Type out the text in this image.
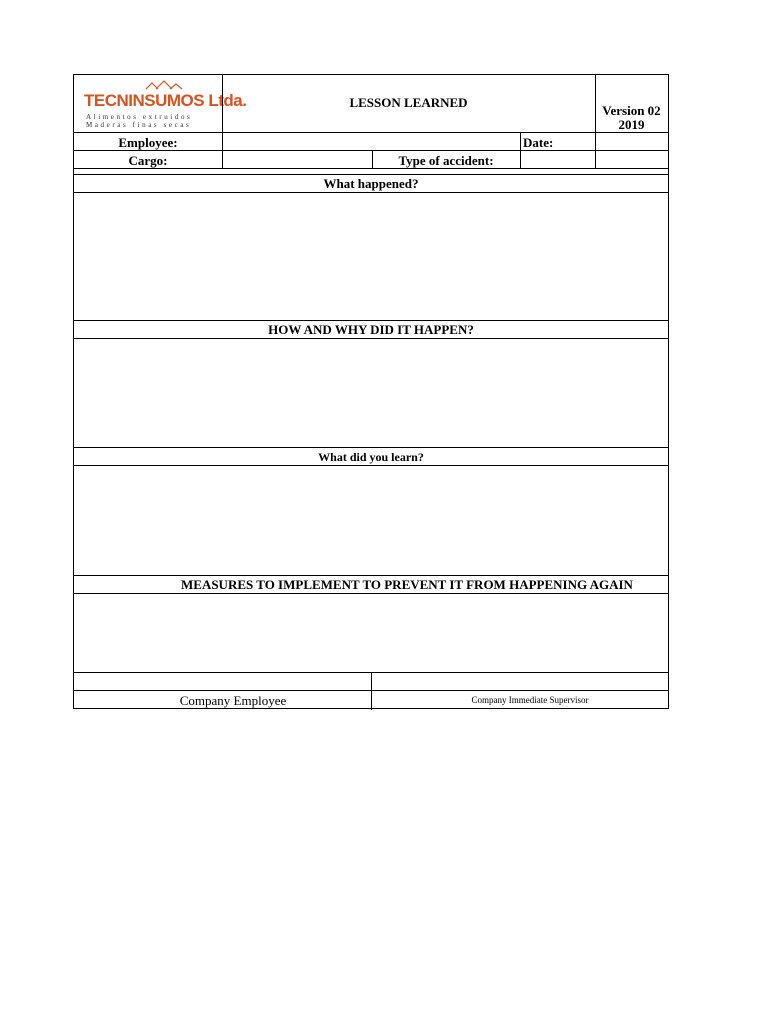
TECNINSUMOS Ltda.
Alimentos extruidos
Maderas finas secas
LESSON LEARNED
Version 02
2019
Employee:	Date:
Cargo:	Type of accident:
What happened?
HOW AND WHY DID IT HAPPEN?
What did you learn?
MEASURES TO IMPLEMENT TO PREVENT IT FROM HAPPENING AGAIN
Company Employee	Company Immediate Supervisor
